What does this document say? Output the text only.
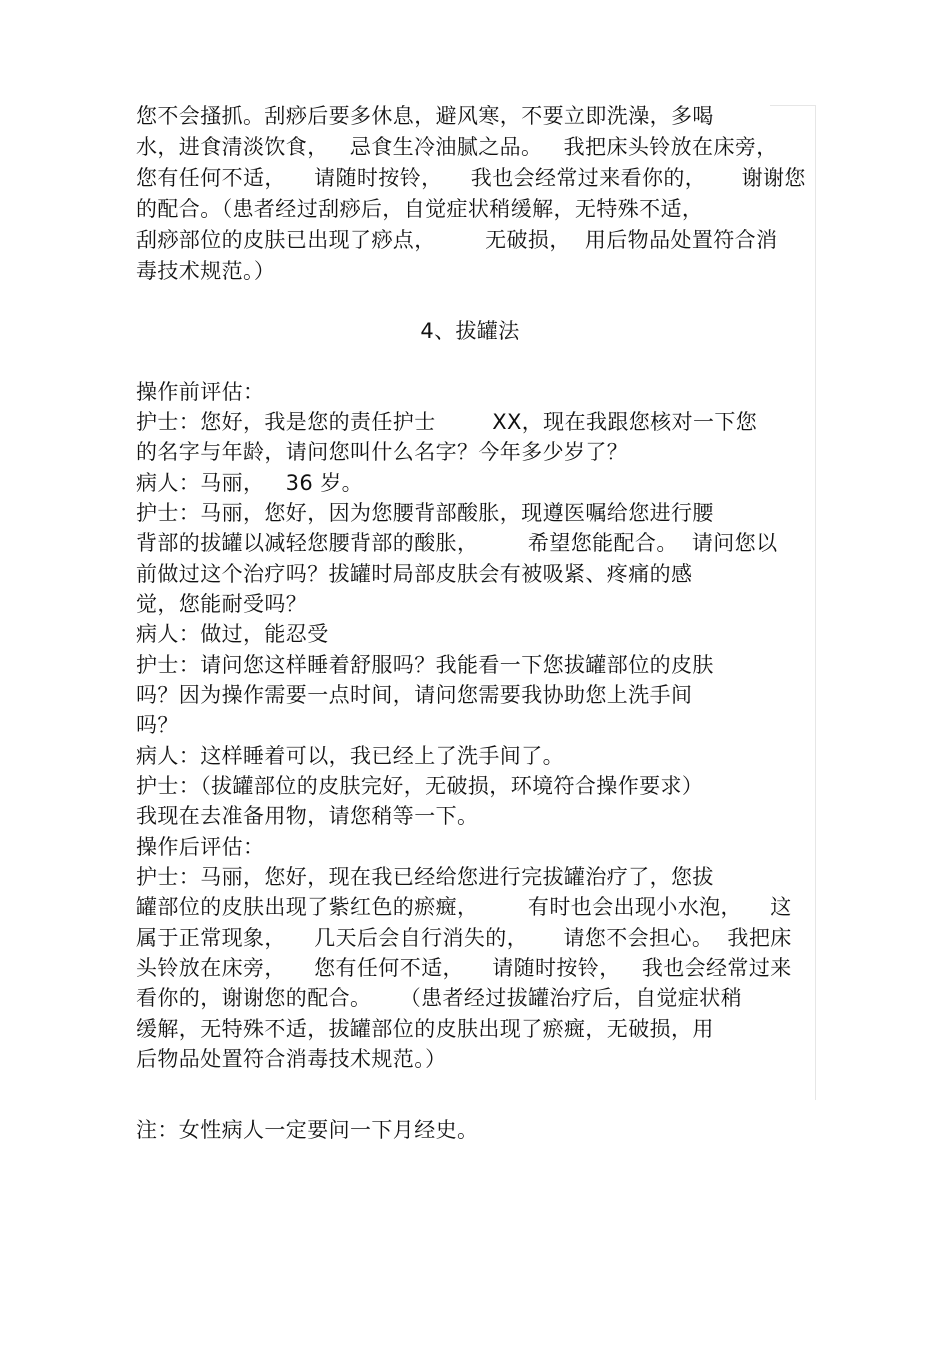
您不会搔抓。刮痧后要多休息，避风寒，不要立即洗澡，多喝
水，进食清淡饮食，   忌食生冷油腻之品。   我把床头铃放在床旁，
您有任何不适，    请随时按铃，    我也会经常过来看你的，     谢谢您
的配合。（患者经过刮痧后，自觉症状稍缓解，无特殊不适，
刮痧部位的皮肤已出现了痧点，       无破损，  用后物品处置符合消
毒技术规范。）
4、拔罐法
操作前评估：
护士：您好，我是您的责任护士        XX，现在我跟您核对一下您
的名字与年龄，请问您叫什么名字？今年多少岁了？
病人：马丽，   36 岁。
护士：马丽，您好，因为您腰背部酸胀，现遵医嘱给您进行腰
背部的拔罐以减轻您腰背部的酸胀，       希望您能配合。  请问您以
前做过这个治疗吗？拔罐时局部皮肤会有被吸紧、疼痛的感
觉，您能耐受吗？
病人：做过，能忍受
护士：请问您这样睡着舒服吗？我能看一下您拔罐部位的皮肤
吗？因为操作需要一点时间，请问您需要我协助您上洗手间
吗？
病人：这样睡着可以，我已经上了洗手间了。
护士：（拔罐部位的皮肤完好，无破损，环境符合操作要求）
我现在去准备用物，请您稍等一下。
操作后评估：
护士：马丽，您好，现在我已经给您进行完拔罐治疗了，您拔
罐部位的皮肤出现了紫红色的瘀癍，       有时也会出现小水泡，    这
属于正常现象，    几天后会自行消失的，     请您不会担心。  我把床
头铃放在床旁，    您有任何不适，    请随时按铃，   我也会经常过来
看你的，谢谢您的配合。    （患者经过拔罐治疗后，自觉症状稍
缓解，无特殊不适，拔罐部位的皮肤出现了瘀癍，无破损，用
后物品处置符合消毒技术规范。）
注：女性病人一定要问一下月经史。
